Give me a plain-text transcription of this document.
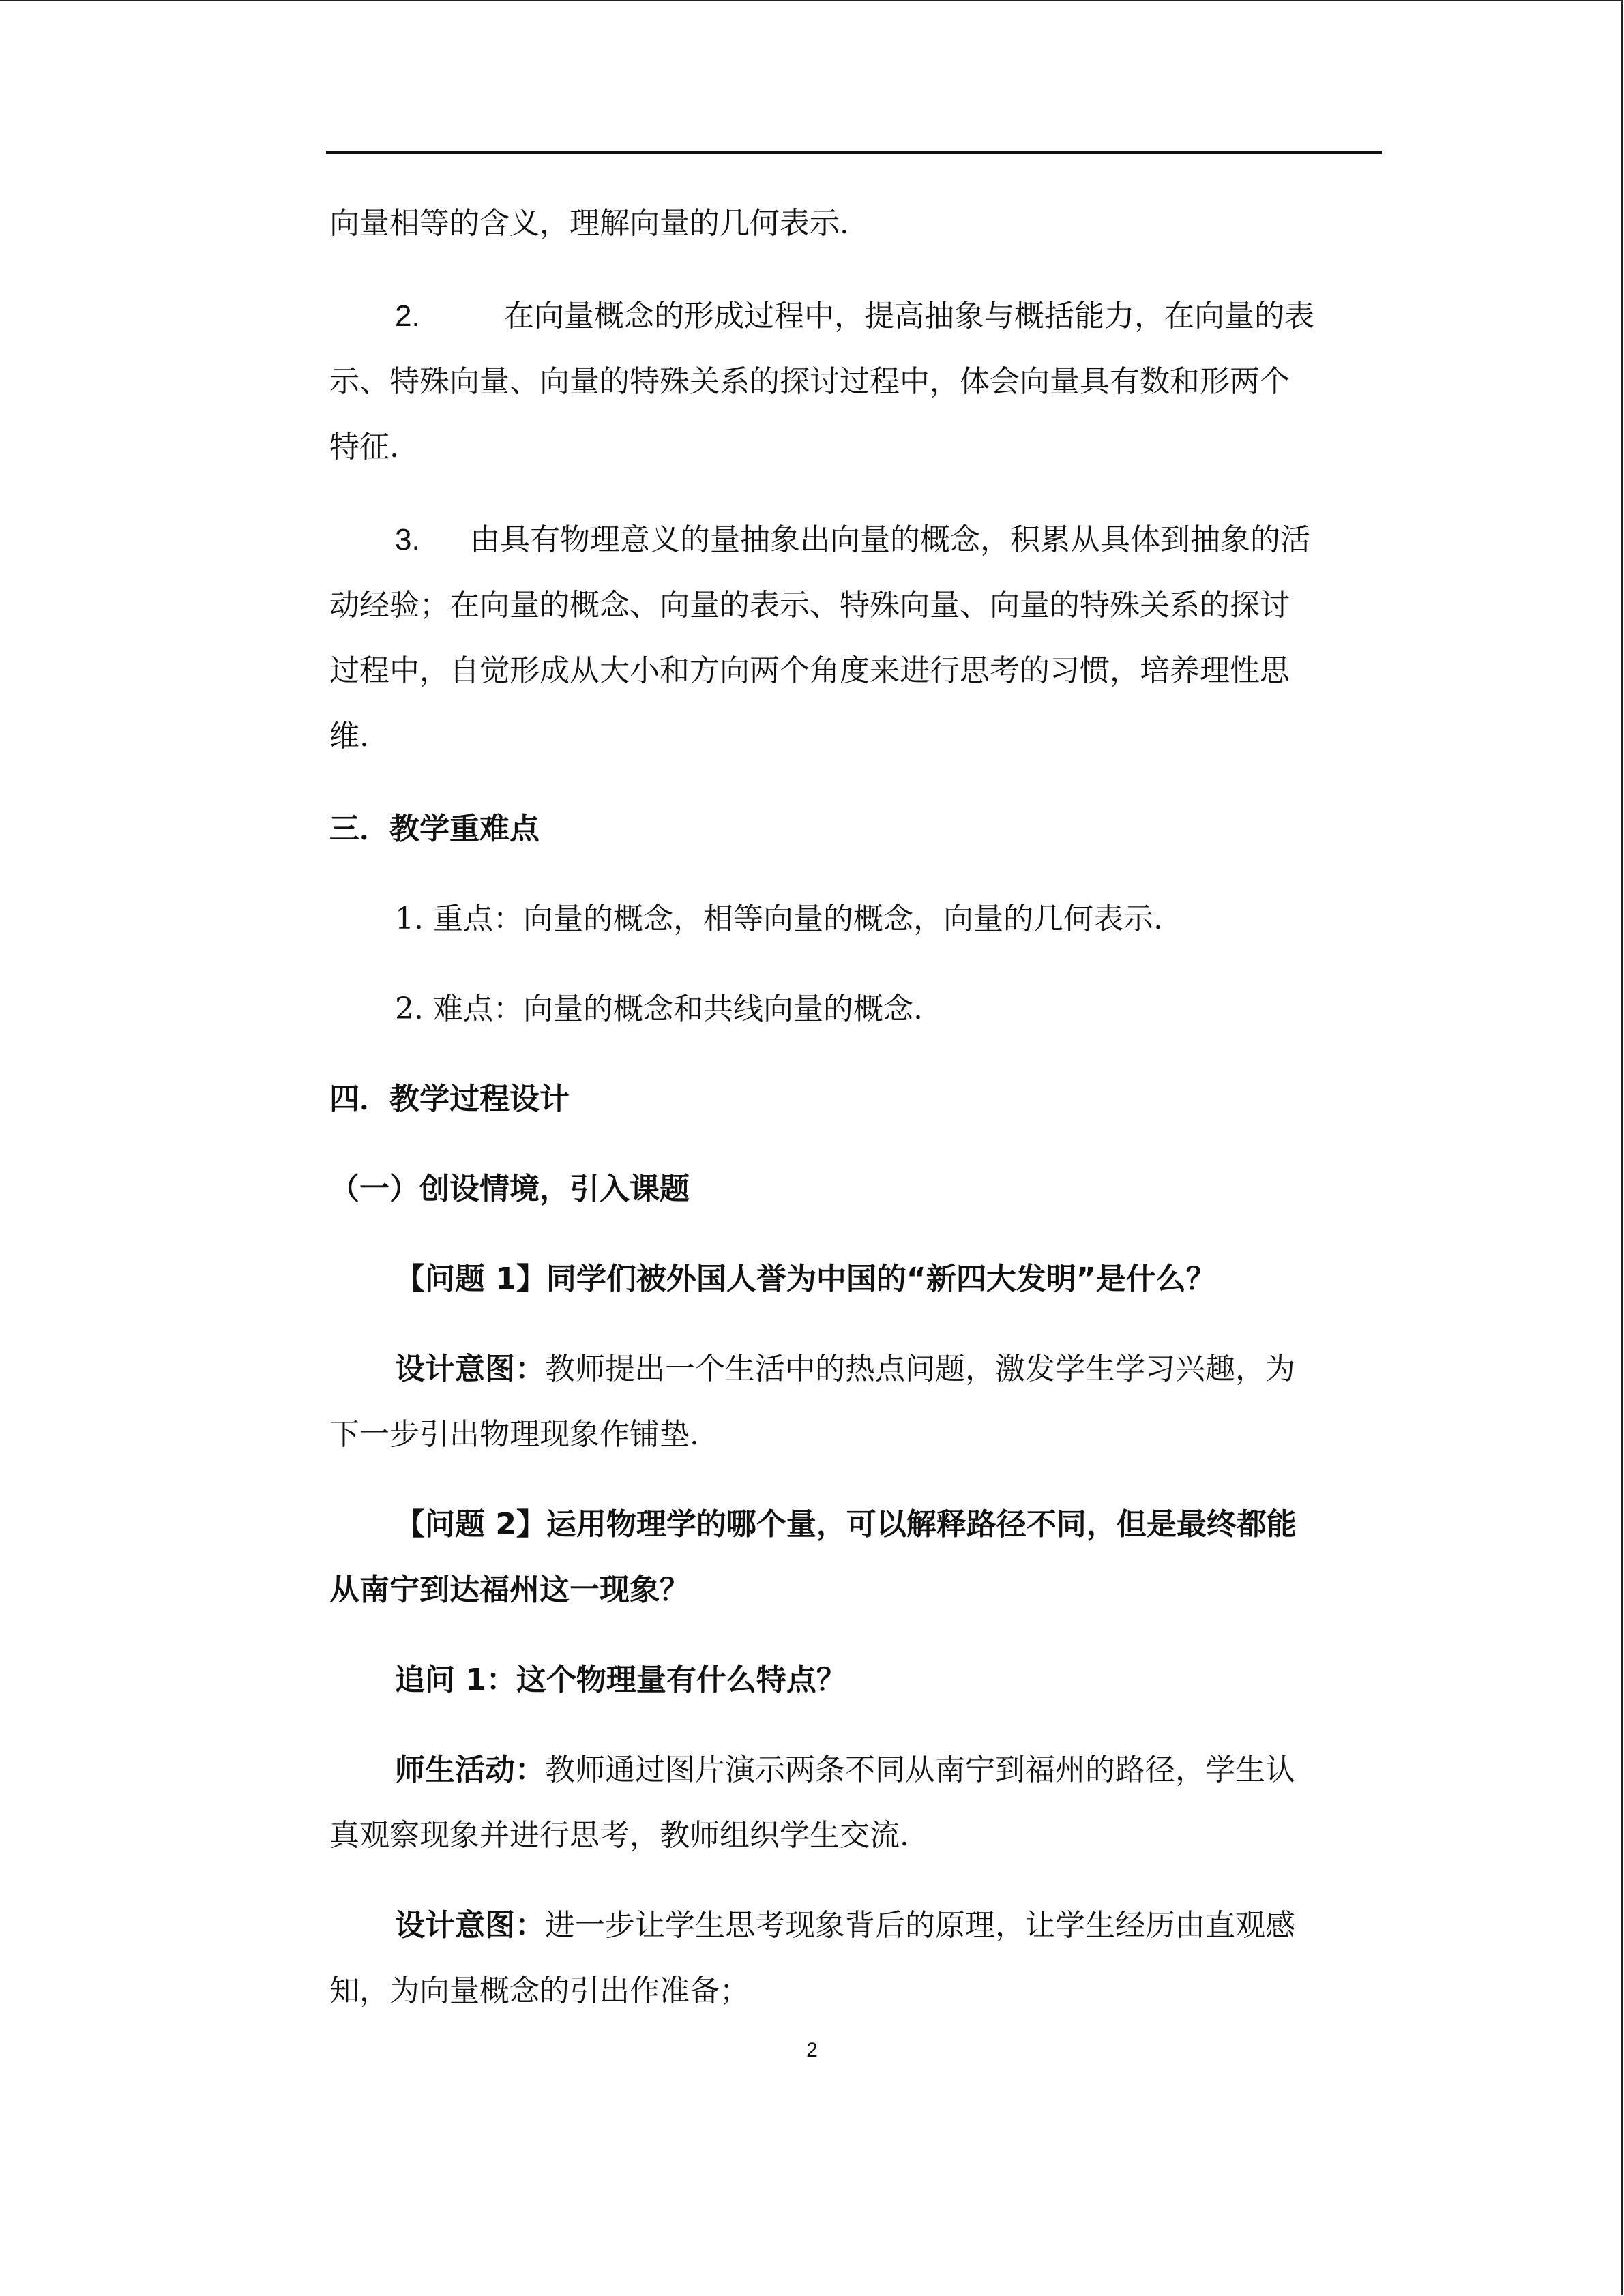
向量相等的含义，理解向量的几何表示.
2.	在向量概念的形成过程中，提高抽象与概括能力，在向量的表
示、特殊向量、向量的特殊关系的探讨过程中，体会向量具有数和形两个
特征.
3. 由具有物理意义的量抽象出向量的概念，积累从具体到抽象的活
动经验；在向量的概念、向量的表示、特殊向量、向量的特殊关系的探讨
过程中，自觉形成从大小和方向两个角度来进行思考的习惯，培养理性思
维.
三．教学重难点
1. 重点：向量的概念，相等向量的概念，向量的几何表示.
2. 难点：向量的概念和共线向量的概念.
四．教学过程设计
（一）创设情境，引入课题
【问题 1】同学们被外国人誉为中国的“新四大发明”是什么？
设计意图：教师提出一个生活中的热点问题，激发学生学习兴趣，为
下一步引出物理现象作铺垫.
【问题 2】运用物理学的哪个量，可以解释路径不同，但是最终都能
从南宁到达福州这一现象？
追问 1：这个物理量有什么特点？
师生活动：教师通过图片演示两条不同从南宁到福州的路径，学生认
真观察现象并进行思考，教师组织学生交流.
设计意图：进一步让学生思考现象背后的原理，让学生经历由直观感
知，为向量概念的引出作准备；
2
